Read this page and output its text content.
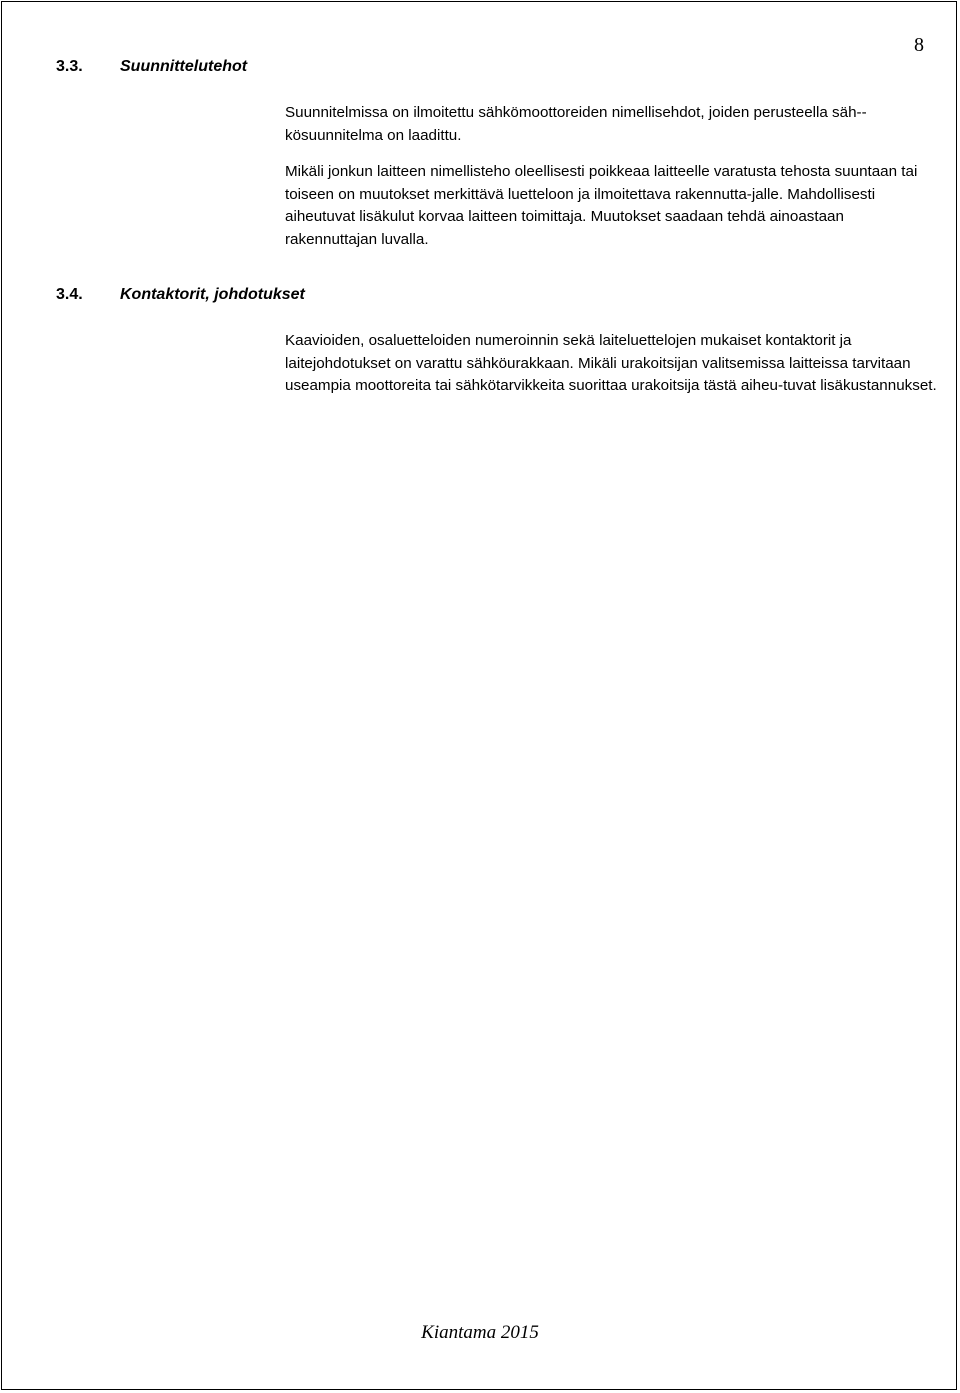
8
3.3. Suunnittelutehot

Suunnitelmissa on ilmoitettu sähkömoottoreiden nimellisehdot, joiden perusteella säh-kösuunnitelma on laadittu.

Mikäli jonkun laitteen nimellisteho oleellisesti poikkeaa laitteelle varatusta tehosta suuntaan tai toiseen on muutokset merkittävä luetteloon ja ilmoitettava rakennutta-jalle. Mahdollisesti aiheutuvat lisäkulut korvaa laitteen toimittaja. Muutokset saadaan tehdä ainoastaan rakennuttajan luvalla.

3.4. Kontaktorit, johdotukset

Kaavioiden, osaluetteloiden numeroinnin sekä laiteluettelojen mukaiset kontaktorit ja laitejohdotukset on varattu sähköurakkaan. Mikäli urakoitsijan valitsemissa laitteissa tarvitaan useampia moottoreita tai sähkötarvikkeita suorittaa urakoitsija tästä aiheu-tuvat lisäkustannukset.

Kiantama 2015
